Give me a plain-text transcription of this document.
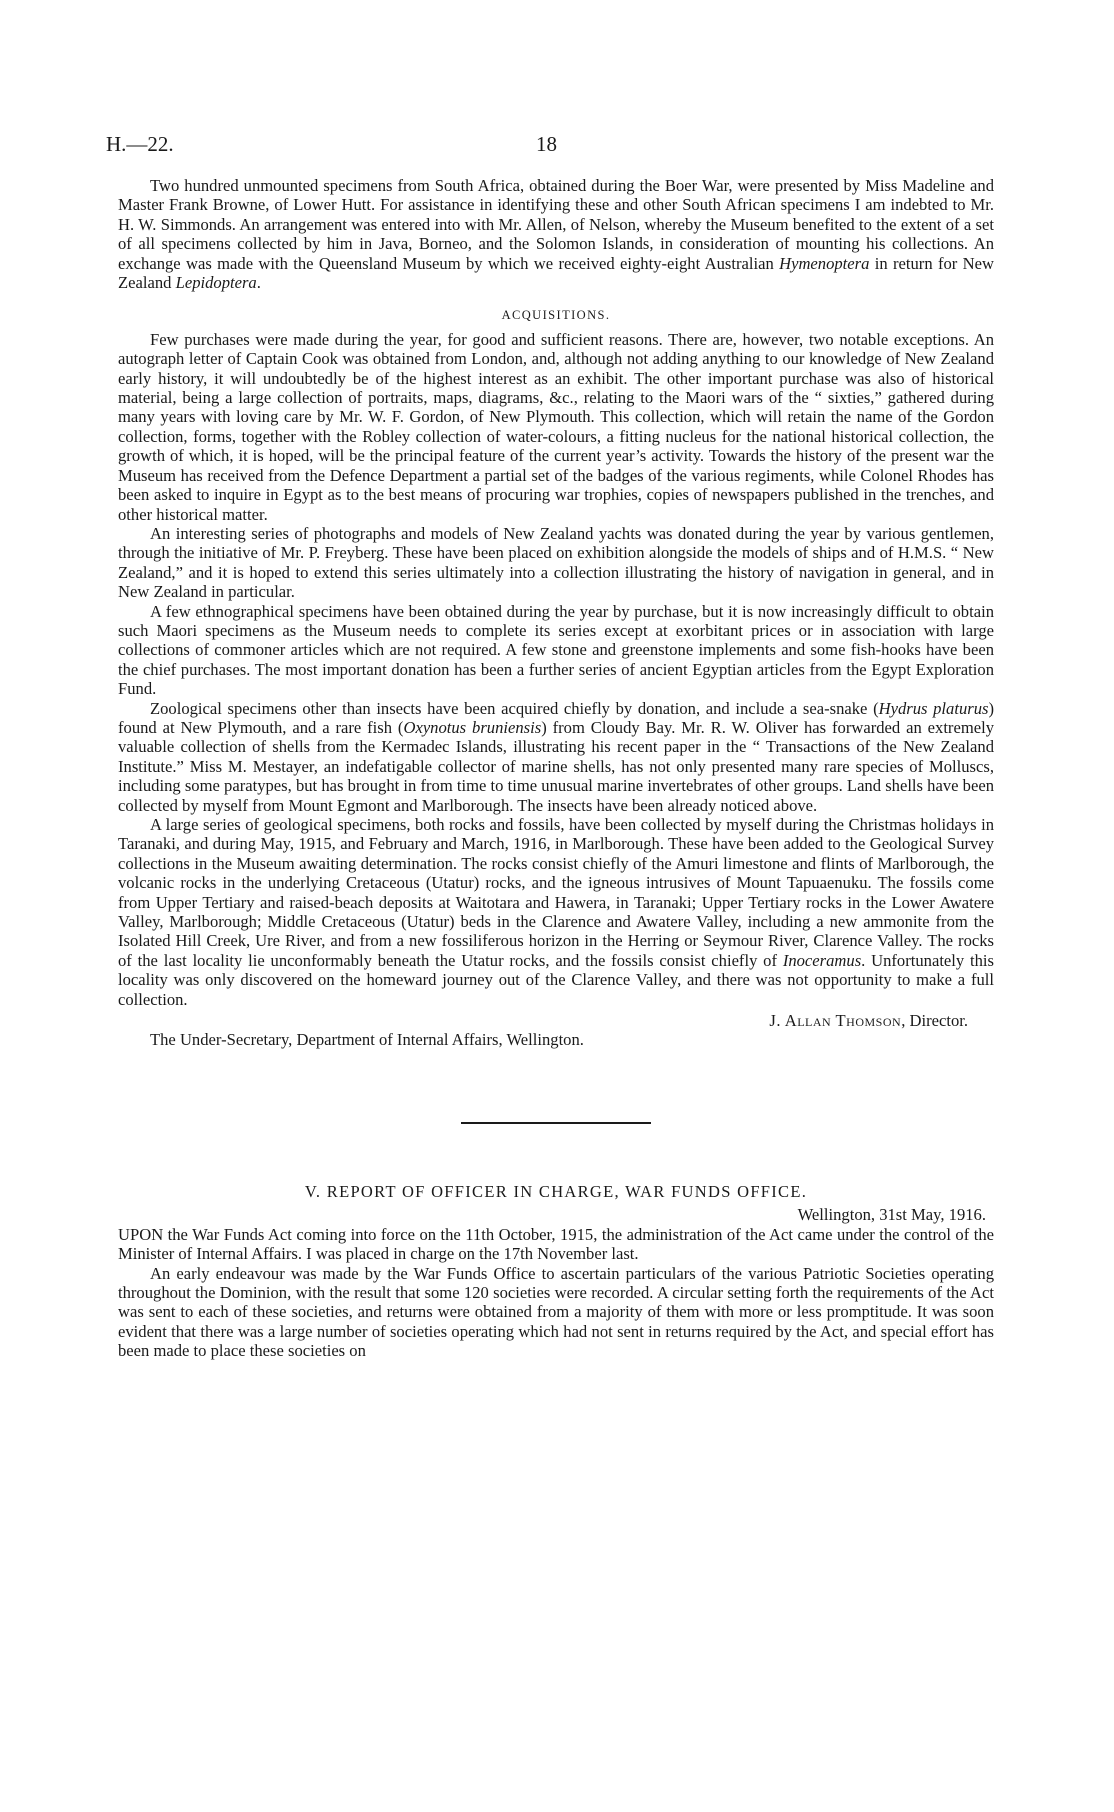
H.—22.	18

Two hundred unmounted specimens from South Africa, obtained during the Boer War, were presented by Miss Madeline and Master Frank Browne, of Lower Hutt. For assistance in identifying these and other South African specimens I am indebted to Mr. H. W. Simmonds. An arrangement was entered into with Mr. Allen, of Nelson, whereby the Museum benefited to the extent of a set of all specimens collected by him in Java, Borneo, and the Solomon Islands, in consideration of mounting his collections. An exchange was made with the Queensland Museum by which we received eighty-eight Australian Hymenoptera in return for New Zealand Lepidoptera.

ACQUISITIONS.

Few purchases were made during the year, for good and sufficient reasons. There are, however, two notable exceptions. An autograph letter of Captain Cook was obtained from London, and, although not adding anything to our knowledge of New Zealand early history, it will undoubtedly be of the highest interest as an exhibit. The other important purchase was also of historical material, being a large collection of portraits, maps, diagrams, &c., relating to the Maori wars of the “ sixties,” gathered during many years with loving care by Mr. W. F. Gordon, of New Plymouth. This collection, which will retain the name of the Gordon collection, forms, together with the Robley collection of water-colours, a fitting nucleus for the national historical collection, the growth of which, it is hoped, will be the principal feature of the current year’s activity. Towards the history of the present war the Museum has received from the Defence Department a partial set of the badges of the various regiments, while Colonel Rhodes has been asked to inquire in Egypt as to the best means of procuring war trophies, copies of newspapers published in the trenches, and other historical matter.

An interesting series of photographs and models of New Zealand yachts was donated during the year by various gentlemen, through the initiative of Mr. P. Freyberg. These have been placed on exhibition alongside the models of ships and of H.M.S. “ New Zealand,” and it is hoped to extend this series ultimately into a collection illustrating the history of navigation in general, and in New Zealand in particular.

A few ethnographical specimens have been obtained during the year by purchase, but it is now increasingly difficult to obtain such Maori specimens as the Museum needs to complete its series except at exorbitant prices or in association with large collections of commoner articles which are not required. A few stone and greenstone implements and some fish-hooks have been the chief purchases. The most important donation has been a further series of ancient Egyptian articles from the Egypt Exploration Fund.

Zoological specimens other than insects have been acquired chiefly by donation, and include a sea-snake (Hydrus platurus) found at New Plymouth, and a rare fish (Oxynotus bruniensis) from Cloudy Bay. Mr. R. W. Oliver has forwarded an extremely valuable collection of shells from the Kermadec Islands, illustrating his recent paper in the “ Transactions of the New Zealand Institute.” Miss M. Mestayer, an indefatigable collector of marine shells, has not only presented many rare species of Molluscs, including some paratypes, but has brought in from time to time unusual marine invertebrates of other groups. Land shells have been collected by myself from Mount Egmont and Marlborough. The insects have been already noticed above.

A large series of geological specimens, both rocks and fossils, have been collected by myself during the Christmas holidays in Taranaki, and during May, 1915, and February and March, 1916, in Marlborough. These have been added to the Geological Survey collections in the Museum awaiting determination. The rocks consist chiefly of the Amuri limestone and flints of Marlborough, the volcanic rocks in the underlying Cretaceous (Utatur) rocks, and the igneous intrusives of Mount Tapuaenuku. The fossils come from Upper Tertiary and raised-beach deposits at Waitotara and Hawera, in Taranaki; Upper Tertiary rocks in the Lower Awatere Valley, Marlborough; Middle Cretaceous (Utatur) beds in the Clarence and Awatere Valley, including a new ammonite from the Isolated Hill Creek, Ure River, and from a new fossiliferous horizon in the Herring or Seymour River, Clarence Valley. The rocks of the last locality lie unconformably beneath the Utatur rocks, and the fossils consist chiefly of Inoceramus. Unfortunately this locality was only discovered on the homeward journey out of the Clarence Valley, and there was not opportunity to make a full collection.

J. Allan Thomson, Director.
The Under-Secretary, Department of Internal Affairs, Wellington.
V. REPORT OF OFFICER IN CHARGE, WAR FUNDS OFFICE.
Wellington, 31st May, 1916.

UPON the War Funds Act coming into force on the 11th October, 1915, the administration of the Act came under the control of the Minister of Internal Affairs. I was placed in charge on the 17th November last.

An early endeavour was made by the War Funds Office to ascertain particulars of the various Patriotic Societies operating throughout the Dominion, with the result that some 120 societies were recorded. A circular setting forth the requirements of the Act was sent to each of these societies, and returns were obtained from a majority of them with more or less promptitude. It was soon evident that there was a large number of societies operating which had not sent in returns required by the Act, and special effort has been made to place these societies on
